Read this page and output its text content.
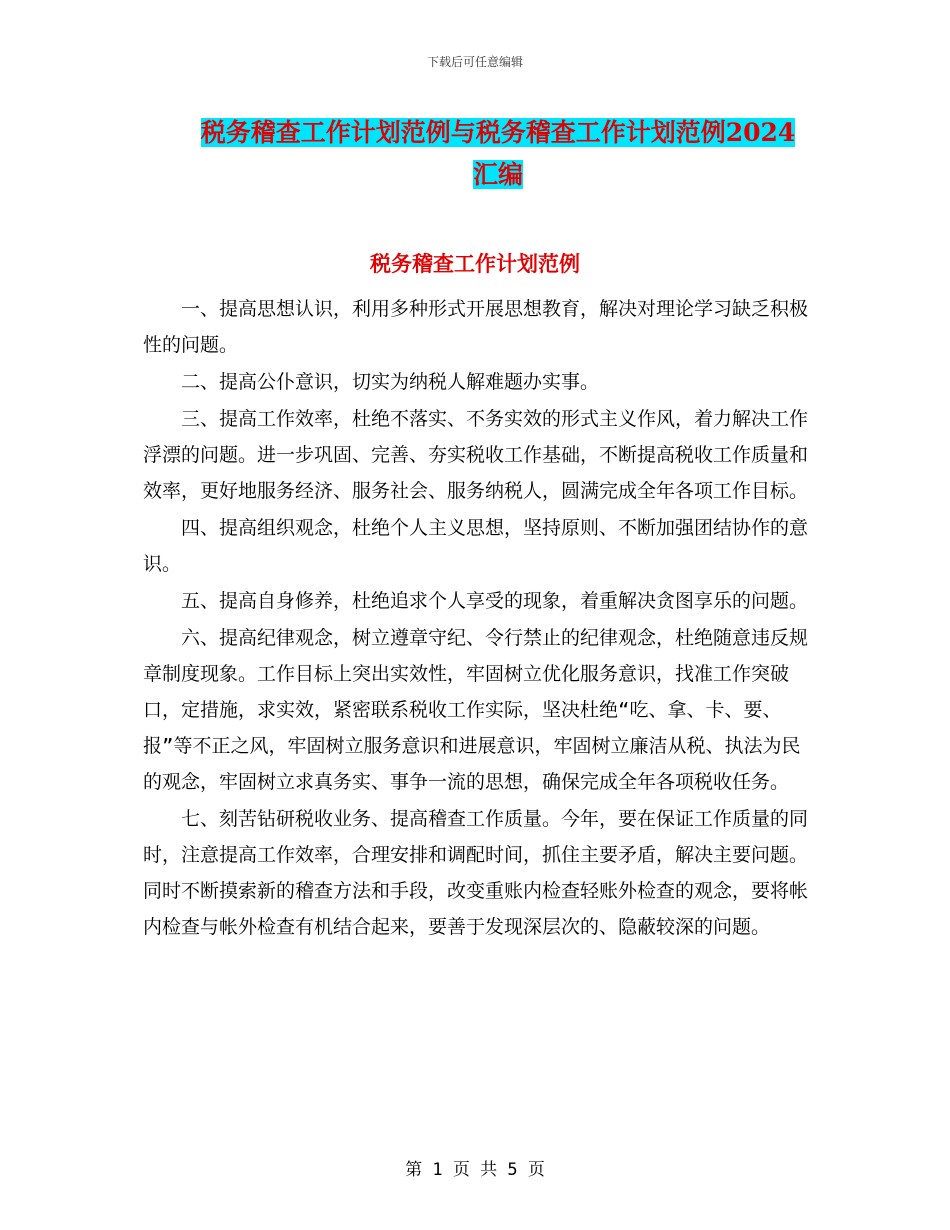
下载后可任意编辑
税务稽查工作计划范例与税务稽查工作计划范例2024汇编
税务稽查工作计划范例

一、提高思想认识，利用多种形式开展思想教育，解决对理论学习缺乏积极性的问题。

二、提高公仆意识，切实为纳税人解难题办实事。

三、提高工作效率，杜绝不落实、不务实效的形式主义作风，着力解决工作浮漂的问题。进一步巩固、完善、夯实税收工作基础，不断提高税收工作质量和效率，更好地服务经济、服务社会、服务纳税人，圆满完成全年各项工作目标。

四、提高组织观念，杜绝个人主义思想，坚持原则、不断加强团结协作的意识。

五、提高自身修养，杜绝追求个人享受的现象，着重解决贪图享乐的问题。

六、提高纪律观念，树立遵章守纪、令行禁止的纪律观念，杜绝随意违反规章制度现象。工作目标上突出实效性，牢固树立优化服务意识，找准工作突破口，定措施，求实效，紧密联系税收工作实际，坚决杜绝“吃、拿、卡、要、报”等不正之风，牢固树立服务意识和进展意识，牢固树立廉洁从税、执法为民的观念，牢固树立求真务实、事争一流的思想，确保完成全年各项税收任务。

七、刻苦钻研税收业务、提高稽查工作质量。今年，要在保证工作质量的同时，注意提高工作效率，合理安排和调配时间，抓住主要矛盾，解决主要问题。同时不断摸索新的稽查方法和手段，改变重账内检查轻账外检查的观念，要将帐内检查与帐外检查有机结合起来，要善于发现深层次的、隐蔽较深的问题。

第 1 页 共 5 页
